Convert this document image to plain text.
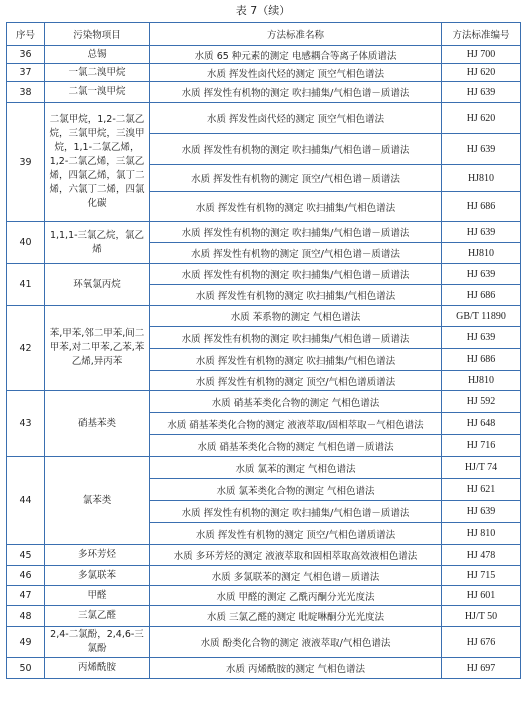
表 7（续）
序号	污染物项目	方法标准名称	方法标准编号
36	总锡	水质 65 种元素的测定 电感耦合等离子体质谱法	HJ 700
37	一氯二溴甲烷	水质 挥发性卤代烃的测定 顶空气相色谱法	HJ 620
38	二氯一溴甲烷	水质 挥发性有机物的测定 吹扫捕集/气相色谱－质谱法	HJ 639
39	二氯甲烷，1,2-二氯乙烷，三氯甲烷，三溴甲烷，1,1-二氯乙烯，1,2-二氯乙烯，三氯乙烯，四氯乙烯，氯丁二烯，六氯丁二烯，四氯化碳	水质 挥发性卤代烃的测定 顶空气相色谱法	HJ 620
		水质 挥发性有机物的测定 吹扫捕集/气相色谱－质谱法	HJ 639
		水质 挥发性有机物的测定 顶空/气相色谱－质谱法	HJ810
		水质 挥发性有机物的测定 吹扫捕集/气相色谱法	HJ 686
40	1,1,1-三氯乙烷，氯乙烯	水质 挥发性有机物的测定 吹扫捕集/气相色谱－质谱法	HJ 639
		水质 挥发性有机物的测定 顶空/气相色谱－质谱法	HJ810
41	环氧氯丙烷	水质 挥发性有机物的测定 吹扫捕集/气相色谱－质谱法	HJ 639
		水质 挥发性有机物的测定 吹扫捕集/气相色谱法	HJ 686
42	苯,甲苯,邻二甲苯,间二甲苯,对二甲苯,乙苯,苯乙烯,异丙苯	水质 苯系物的测定 气相色谱法	GB/T 11890
		水质 挥发性有机物的测定 吹扫捕集/气相色谱－质谱法	HJ 639
		水质 挥发性有机物的测定 吹扫捕集/气相色谱法	HJ 686
		水质 挥发性有机物的测定 顶空/气相色谱质谱法	HJ810
43	硝基苯类	水质 硝基苯类化合物的测定 气相色谱法	HJ 592
		水质 硝基苯类化合物的测定 液液萃取/固相萃取－气相色谱法	HJ 648
		水质 硝基苯类化合物的测定 气相色谱－质谱法	HJ 716
44	氯苯类	水质 氯苯的测定 气相色谱法	HJ/T 74
		水质 氯苯类化合物的测定 气相色谱法	HJ 621
		水质 挥发性有机物的测定 吹扫捕集/气相色谱－质谱法	HJ 639
		水质 挥发性有机物的测定 顶空/气相色谱质谱法	HJ 810
45	多环芳烃	水质 多环芳烃的测定 液液萃取和固相萃取高效液相色谱法	HJ 478
46	多氯联苯	水质 多氯联苯的测定 气相色谱－质谱法	HJ 715
47	甲醛	水质 甲醛的测定 乙酰丙酮分光光度法	HJ 601
48	三氯乙醛	水质 三氯乙醛的测定 吡啶啉酮分光光度法	HJ/T 50
49	2,4-二氯酚，2,4,6-三氯酚	水质 酚类化合物的测定 液液萃取/气相色谱法	HJ 676
50	丙烯酰胺	水质 丙烯酰胺的测定 气相色谱法	HJ 697
